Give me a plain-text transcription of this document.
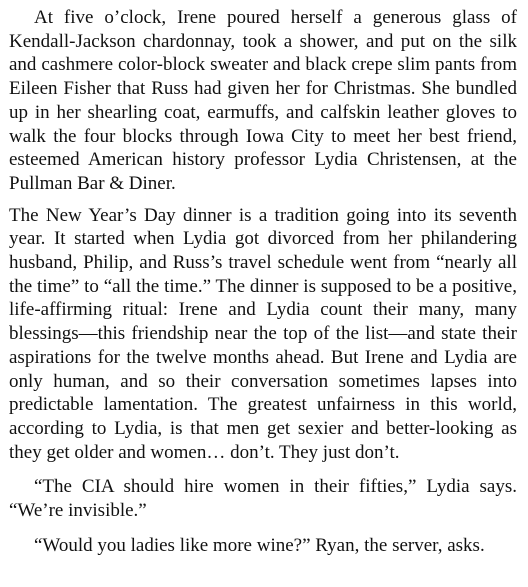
At five o’clock, Irene poured herself a generous glass of Kendall-Jackson chardonnay, took a shower, and put on the silk and cashmere color-block sweater and black crepe slim pants from Eileen Fisher that Russ had given her for Christmas. She bundled up in her shearling coat, earmuffs, and calfskin leather gloves to walk the four blocks through Iowa City to meet her best friend, esteemed American history professor Lydia Christensen, at the Pullman Bar & Diner.

The New Year’s Day dinner is a tradition going into its seventh year. It started when Lydia got divorced from her philandering husband, Philip, and Russ’s travel schedule went from “nearly all the time” to “all the time.” The dinner is supposed to be a positive, life-affirming ritual: Irene and Lydia count their many, many blessings—this friendship near the top of the list—and state their aspirations for the twelve months ahead. But Irene and Lydia are only human, and so their conversation sometimes lapses into predictable lamentation. The greatest unfairness in this world, according to Lydia, is that men get sexier and better-looking as they get older and women… don’t. They just don’t.

“The CIA should hire women in their fifties,” Lydia says. “We’re invisible.”

“Would you ladies like more wine?” Ryan, the server, asks.
